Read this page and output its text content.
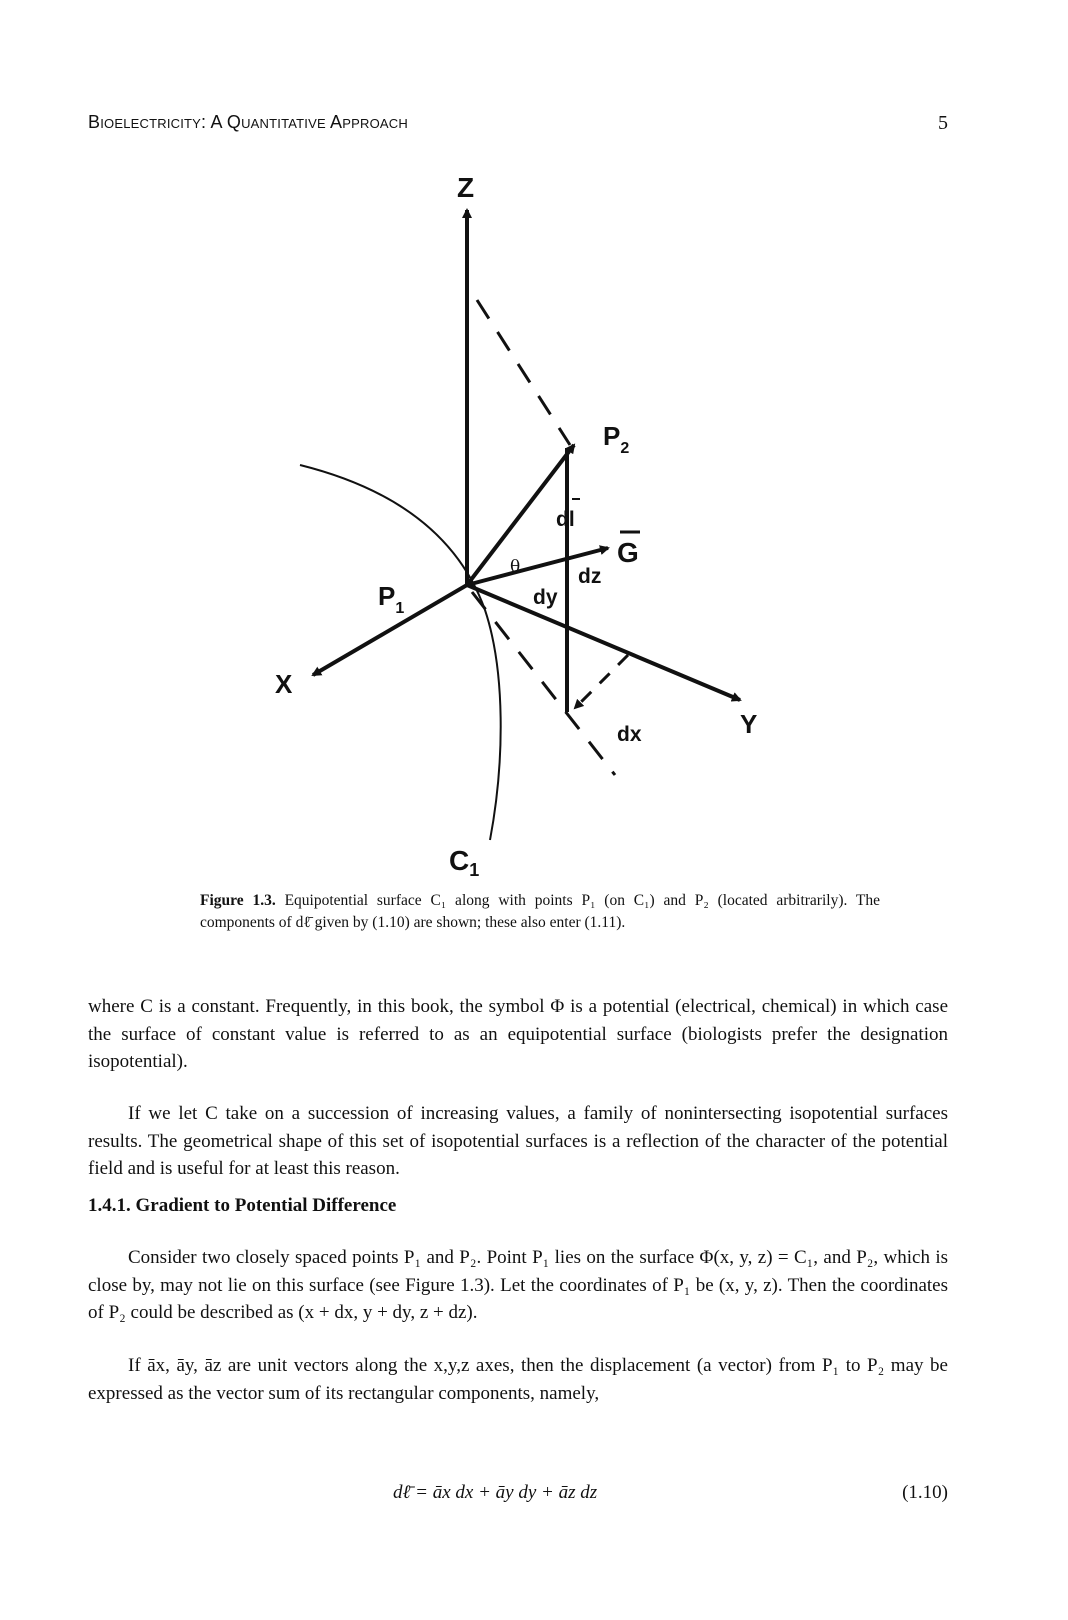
Bioelectricity: A Quantitative Approach	5
Z
X
Y
$P_1$
$P_2$
dl
G
θ	dz
dy
dx
$C_1$
Figure 1.3. Equipotential surface C₁ along with points P₁ (on C₁) and P₂ (located arbitrarily). The components of dℓ̄ given by (1.10) are shown; these also enter (1.11).
where C is a constant. Frequently, in this book, the symbol Φ is a potential (electrical, chemical) in which case the surface of constant value is referred to as an equipotential surface (biologists prefer the designation isopotential).
If we let C take on a succession of increasing values, a family of nonintersecting isopotential surfaces results. The geometrical shape of this set of isopotential surfaces is a reflection of the character of the potential field and is useful for at least this reason.
1.4.1. Gradient to Potential Difference
Consider two closely spaced points P₁ and P₂. Point P₁ lies on the surface Φ(x, y, z) = C₁, and P₂, which is close by, may not lie on this surface (see Figure 1.3). Let the coordinates of P₁ be (x, y, z). Then the coordinates of P₂ could be described as (x + dx, y + dy, z + dz).
If āx, āy, āz are unit vectors along the x,y,z axes, then the displacement (a vector) from P₁ to P₂ may be expressed as the vector sum of its rectangular components, namely,
dℓ̄ = āx dx + āy dy + āz dz	(1.10)
